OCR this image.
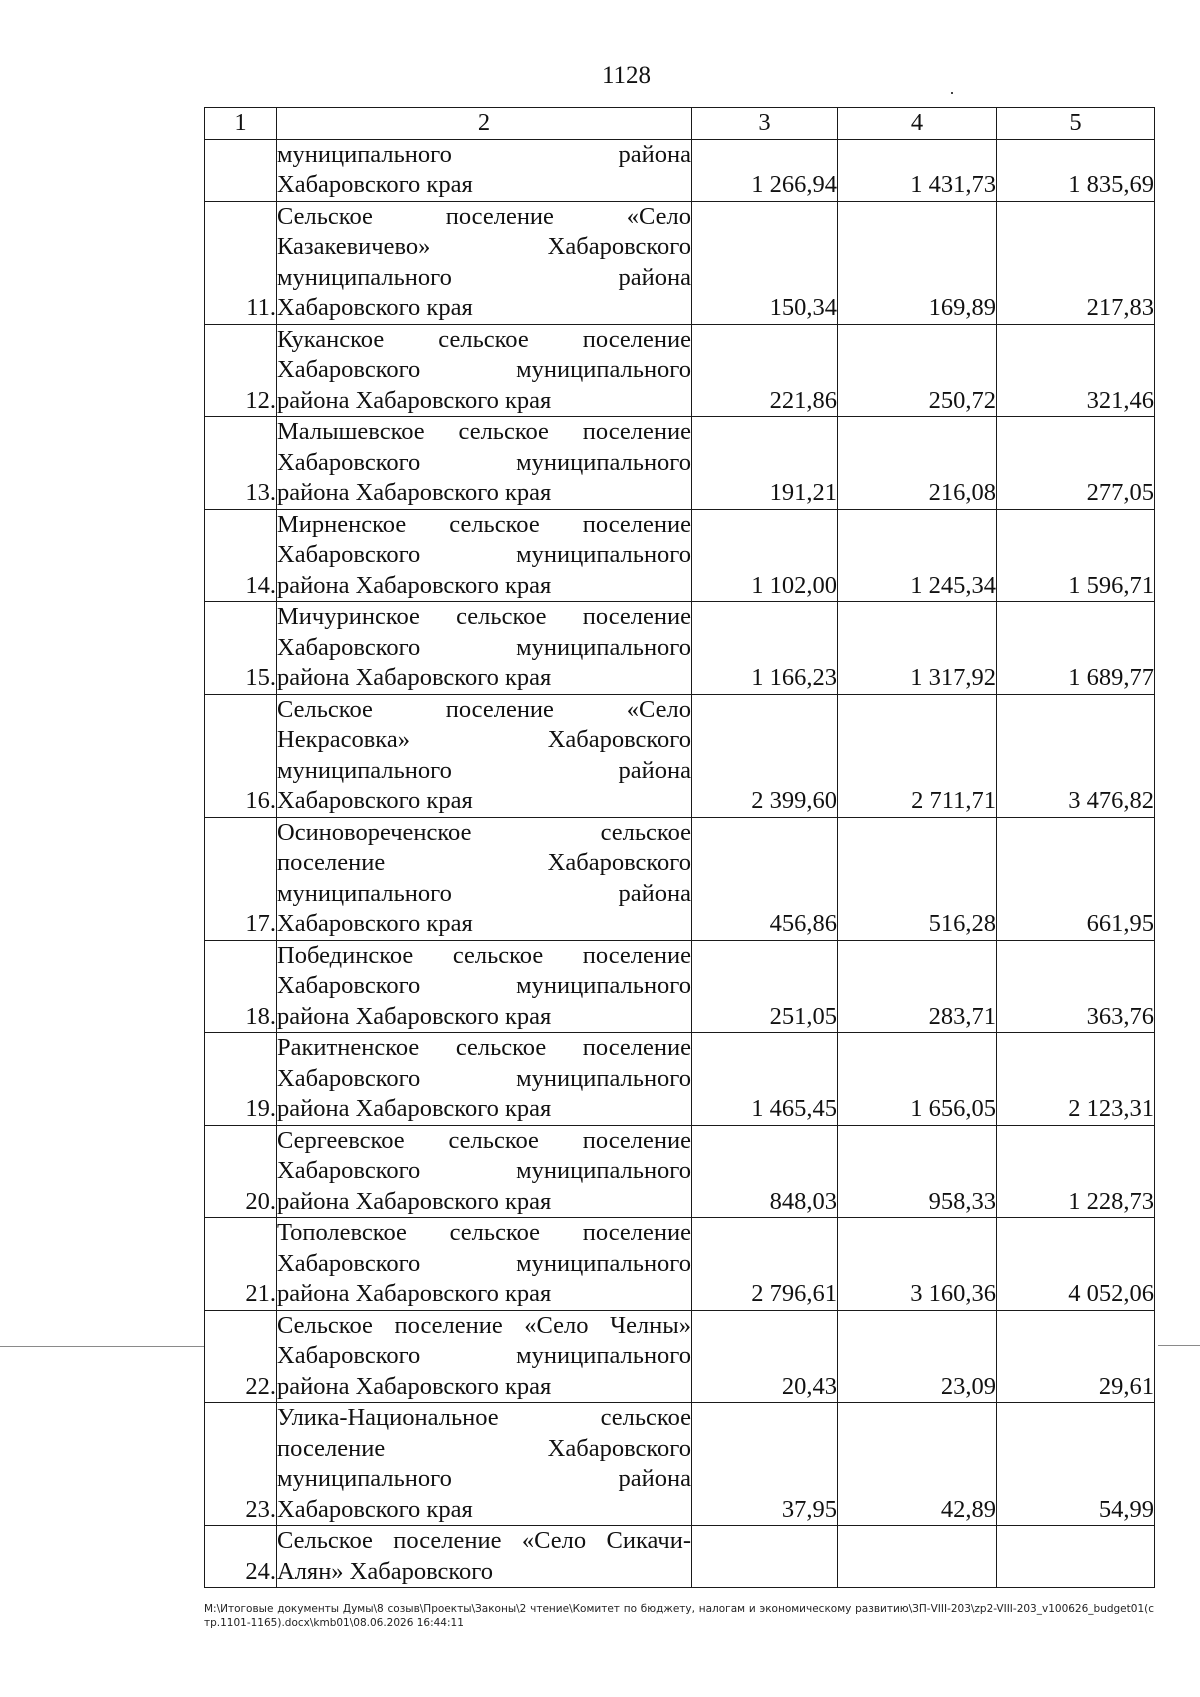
1128
1	2	3	4	5

	муниципального района
Хабаровского края	1 266,94	1 431,73	1 835,69
11.	Сельское поселение «Село
Казакевичево» Хабаровского
муниципального района
Хабаровского края	150,34	169,89	217,83
12.	Куканское сельское поселение
Хабаровского муниципального
района Хабаровского края	221,86	250,72	321,46
13.	Малышевское сельское поселение
Хабаровского муниципального
района Хабаровского края	191,21	216,08	277,05
14.	Мирненское сельское поселение
Хабаровского муниципального
района Хабаровского края	1 102,00	1 245,34	1 596,71
15.	Мичуринское сельское поселение
Хабаровского муниципального
района Хабаровского края	1 166,23	1 317,92	1 689,77
16.	Сельское поселение «Село
Некрасовка» Хабаровского
муниципального района
Хабаровского края	2 399,60	2 711,71	3 476,82
17.	Осиновореченское сельское
поселение Хабаровского
муниципального района
Хабаровского края	456,86	516,28	661,95
18.	Побединское сельское поселение
Хабаровского муниципального
района Хабаровского края	251,05	283,71	363,76
19.	Ракитненское сельское поселение
Хабаровского муниципального
района Хабаровского края	1 465,45	1 656,05	2 123,31
20.	Сергеевское сельское поселение
Хабаровского муниципального
района Хабаровского края	848,03	958,33	1 228,73
21.	Тополевское сельское поселение
Хабаровского муниципального
района Хабаровского края	2 796,61	3 160,36	4 052,06
22.	Сельское поселение «Село Челны»
Хабаровского муниципального
района Хабаровского края	20,43	23,09	29,61
23.	Улика-Национальное сельское
поселение Хабаровского
муниципального района
Хабаровского края	37,95	42,89	54,99
24.	Сельское поселение «Село Сикачи-
Алян» Хабаровского			

M:\Итоговые документы Думы\8 созыв\Проекты\Законы\2 чтение\Комитет по бюджету, налогам и экономическому развитию\ЗП-VIII-203\zp2-VIII-203_v100626_budget01(стр.1101-1165).docx\kmb01\08.06.2026 16:44:11
